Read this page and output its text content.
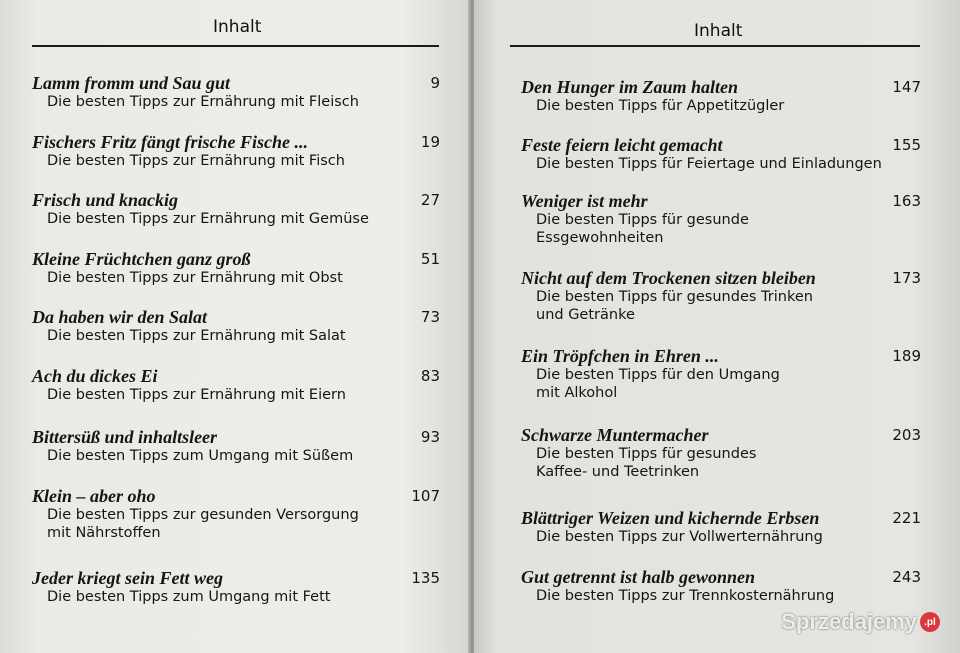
Inhalt
Lamm fromm und Sau gut
Die besten Tipps zur Ernährung mit Fleisch
9
Fischers Fritz fängt frische Fische ...
Die besten Tipps zur Ernährung mit Fisch
19
Frisch und knackig
Die besten Tipps zur Ernährung mit Gemüse
27
Kleine Früchtchen ganz groß
Die besten Tipps zur Ernährung mit Obst
51
Da haben wir den Salat
Die besten Tipps zur Ernährung mit Salat
73
Ach du dickes Ei
Die besten Tipps zur Ernährung mit Eiern
83
Bittersüß und inhaltsleer
Die besten Tipps zum Umgang mit Süßem
93
Klein – aber oho
Die besten Tipps zur gesunden Versorgung
mit Nährstoffen
107
Jeder kriegt sein Fett weg
Die besten Tipps zum Umgang mit Fett
135
Inhalt
Den Hunger im Zaum halten
Die besten Tipps für Appetitzügler
147
Feste feiern leicht gemacht
Die besten Tipps für Feiertage und Einladungen
155
Weniger ist mehr
Die besten Tipps für gesunde
Essgewohnheiten
163
Nicht auf dem Trockenen sitzen bleiben
Die besten Tipps für gesundes Trinken
und Getränke
173
Ein Tröpfchen in Ehren ...
Die besten Tipps für den Umgang
mit Alkohol
189
Schwarze Muntermacher
Die besten Tipps für gesundes
Kaffee- und Teetrinken
203
Blättriger Weizen und kichernde Erbsen
Die besten Tipps zur Vollwerternährung
221
Gut getrennt ist halb gewonnen
Die besten Tipps zur Trennkosternährung
243
Sprzedajemy .pl
